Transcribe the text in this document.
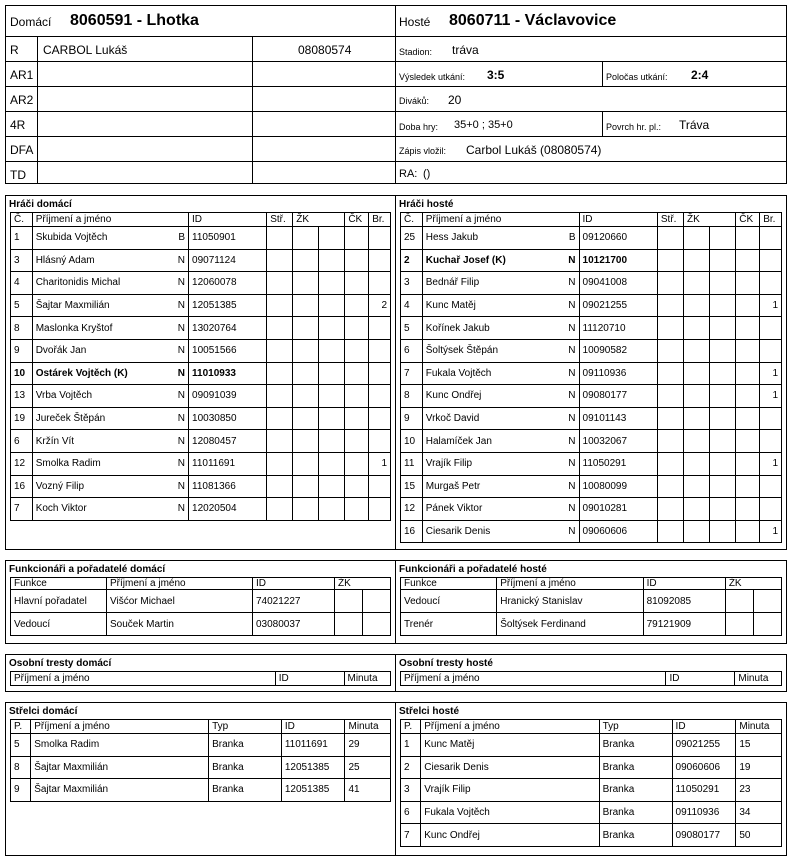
Domácí 8060591 - Lhotka
R CARBOL Lukáš	08080574
AR1
AR2
4R
DFA
TD
Hosté 8060711 - Václavovice
Stadion: tráva
Výsledek utkání: 3:5	Poločas utkání: 2:4
Diváků: 20
Doba hry: 35+0 ; 35+0	Povrch hr. pl.: Tráva
Zápis vložil: Carbol Lukáš (08080574)
RA: ()
Hráči domácí
Č.	Příjmení a jméno	ID	Stř.	ŽK		ČK	Br.
1	Skubida Vojtěch B	11050901					
3	Hlásný Adam N	09071124					
4	Charitonidis Michal N	12060078					
5	Šajtar Maxmilián N	12051385					2
8	Maslonka Kryštof N	13020764					
9	Dvořák Jan N	10051566					
10	Ostárek Vojtěch (K) N	11010933					
13	Vrba Vojtěch N	09091039					
19	Jureček Štěpán N	10030850					
6	Kržín Vít N	12080457					
12	Smolka Radim N	11011691					1
16	Vozný Filip N	11081366					
7	Koch Viktor N	12020504					
Hráči hosté
Č.	Příjmení a jméno	ID	Stř.	ŽK		ČK	Br.
25	Hess Jakub B	09120660					
2	Kuchař Josef (K) N	10121700					
3	Bednář Filip N	09041008					
4	Kunc Matěj N	09021255					1
5	Kořínek Jakub N	11120710					
6	Šoltýsek Štěpán N	10090582					
7	Fukala Vojtěch N	09110936					1
8	Kunc Ondřej N	09080177					1
9	Vrkoč David N	09101143					
10	Halamíček Jan N	10032067					
11	Vrajík Filip N	11050291					1
15	Murgaš Petr N	10080099					
12	Pánek Viktor N	09010281					
16	Ciesarik Denis N	09060606					1
Funkcionáři a pořadatelé domácí
Funkce	Příjmení a jméno	ID	ŽK	
Hlavní pořadatel	Višćor Michael	74021227		
Vedoucí	Souček Martin	03080037		
Funkcionáři a pořadatelé hosté
Funkce	Příjmení a jméno	ID	ŽK	
Vedoucí	Hranický Stanislav	81092085		
Trenér	Šoltýsek Ferdinand	79121909		
Osobní tresty domácí
Příjmení a jméno	ID	Minuta
Osobní tresty hosté
Příjmení a jméno	ID	Minuta
Střelci domácí
P.	Příjmení a jméno	Typ	ID	Minuta
5	Smolka Radim	Branka	11011691	29
8	Šajtar Maxmilián	Branka	12051385	25
9	Šajtar Maxmilián	Branka	12051385	41
Střelci hosté
P.	Příjmení a jméno	Typ	ID	Minuta
1	Kunc Matěj	Branka	09021255	15
2	Ciesarik Denis	Branka	09060606	19
3	Vrajík Filip	Branka	11050291	23
6	Fukala Vojtěch	Branka	09110936	34
7	Kunc Ondřej	Branka	09080177	50
